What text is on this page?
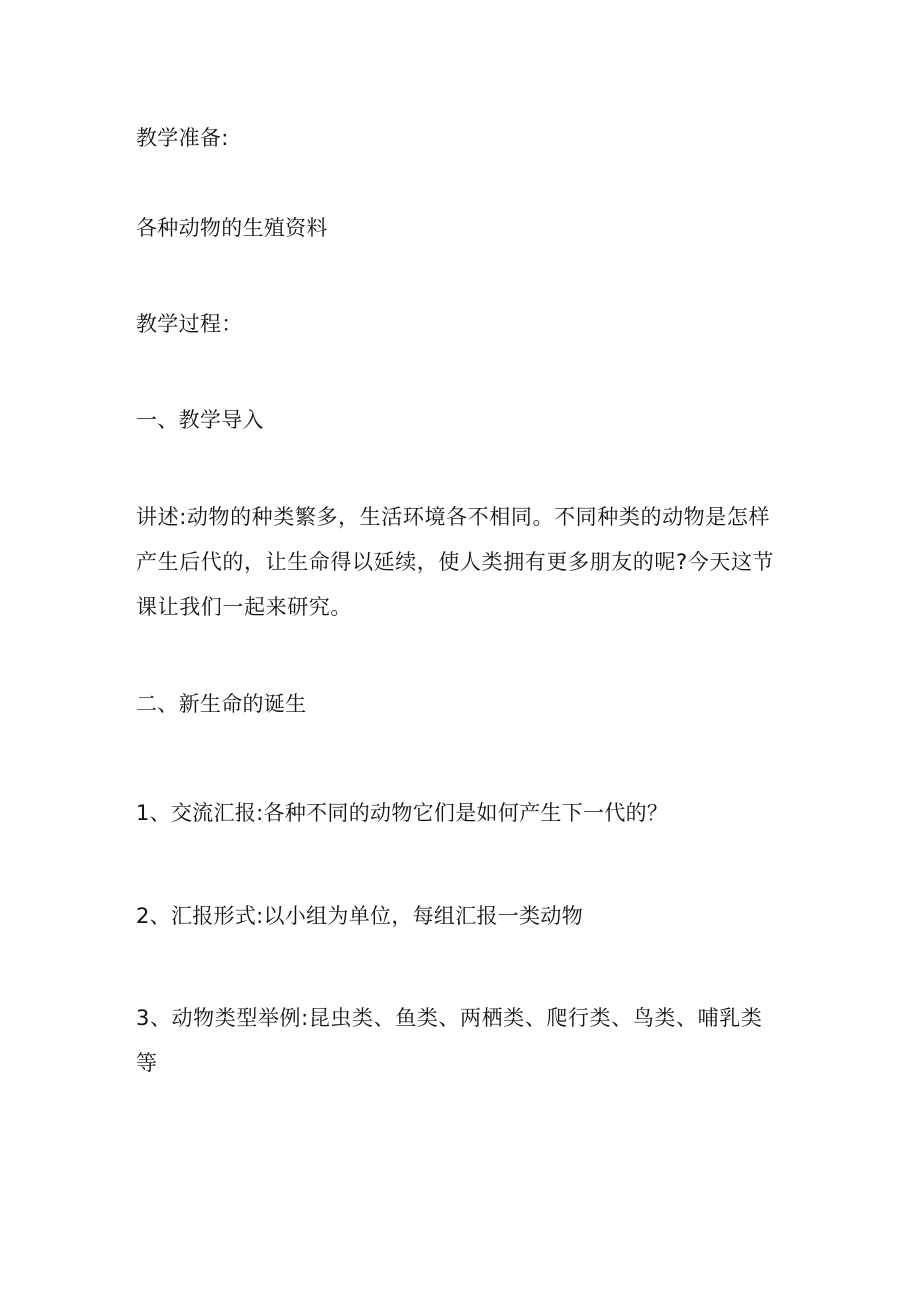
教学准备:
各种动物的生殖资料
教学过程：
一、教学导入
讲述:动物的种类繁多，生活环境各不相同。不同种类的动物是怎样
产生后代的，让生命得以延续，使人类拥有更多朋友的呢?今天这节
课让我们一起来研究。
二、新生命的诞生
1、交流汇报:各种不同的动物它们是如何产生下一代的？
2、汇报形式:以小组为单位，每组汇报一类动物
3、动物类型举例:昆虫类、鱼类、两栖类、爬行类、鸟类、哺乳类
等
